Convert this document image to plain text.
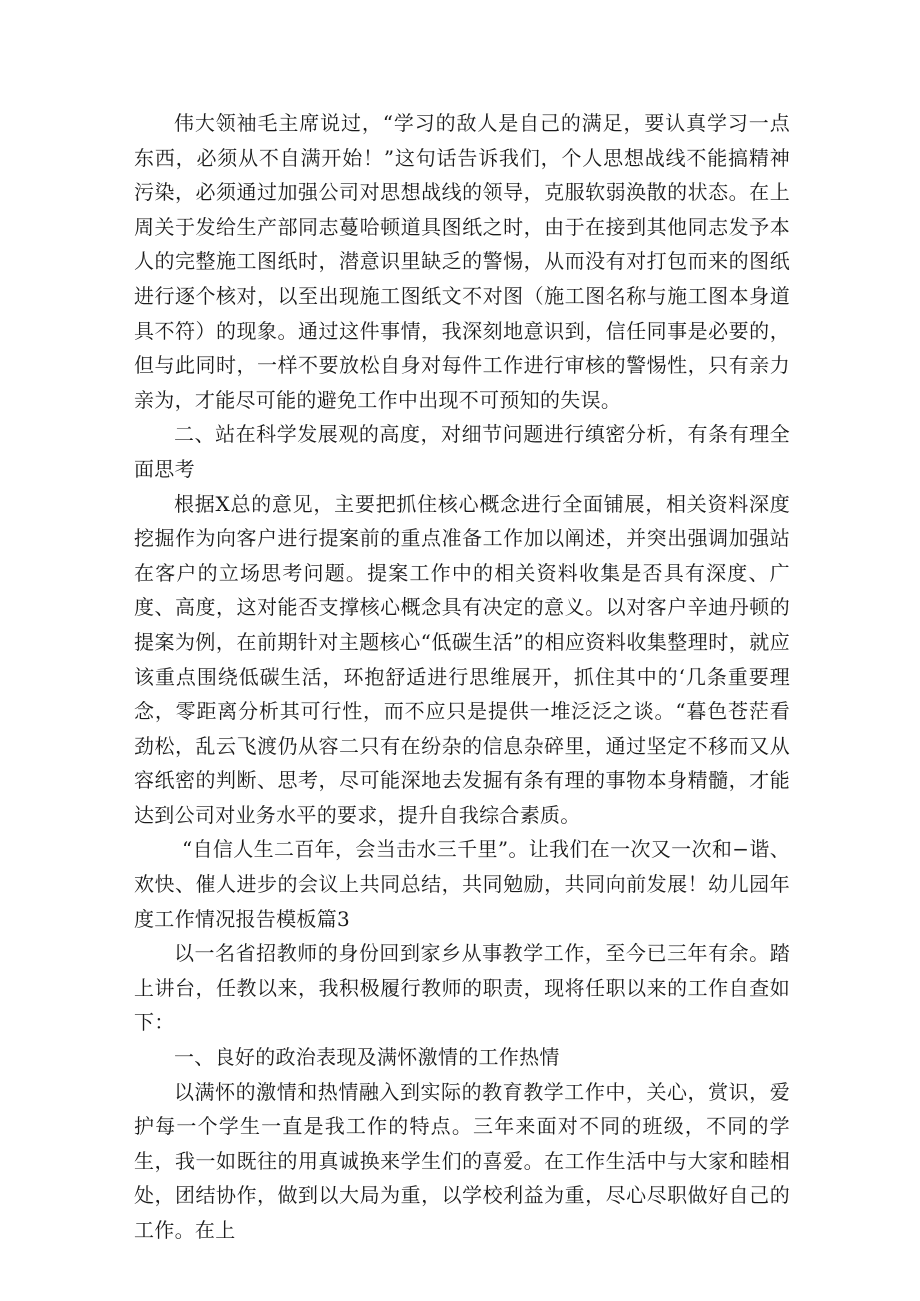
伟大领袖毛主席说过，“学习的敌人是自己的满足，要认真学习一点东西，必须从不自满开始！”这句话告诉我们，个人思想战线不能搞精神污染，必须通过加强公司对思想战线的领导，克服软弱涣散的状态。在上周关于发给生产部同志蔓哈顿道具图纸之时，由于在接到其他同志发予本人的完整施工图纸时，潜意识里缺乏的警惕，从而没有对打包而来的图纸进行逐个核对，以至出现施工图纸文不对图（施工图名称与施工图本身道具不符）的现象。通过这件事情，我深刻地意识到，信任同事是必要的，但与此同时，一样不要放松自身对每件工作进行审核的警惕性，只有亲力亲为，才能尽可能的避免工作中出现不可预知的失误。

二、站在科学发展观的高度，对细节问题进行缜密分析，有条有理全面思考

根据X总的意见，主要把抓住核心概念进行全面铺展，相关资料深度挖掘作为向客户进行提案前的重点准备工作加以阐述，并突出强调加强站在客户的立场思考问题。提案工作中的相关资料收集是否具有深度、广度、高度，这对能否支撑核心概念具有决定的意义。以对客户辛迪丹顿的提案为例，在前期针对主题核心“低碳生活”的相应资料收集整理时，就应该重点围绕低碳生活，环抱舒适进行思维展开，抓住其中的‘几条重要理念，零距离分析其可行性，而不应只是提供一堆泛泛之谈。“暮色苍茫看劲松，乱云飞渡仍从容二只有在纷杂的信息杂碎里，通过坚定不移而又从容纸密的判断、思考，尽可能深地去发掘有条有理的事物本身精髓，才能达到公司对业务水平的要求，提升自我综合素质。

“自信人生二百年，会当击水三千里”。让我们在一次又一次和−谐、欢快、催人进步的会议上共同总结，共同勉励，共同向前发展！幼儿园年度工作情况报告模板篇3

以一名省招教师的身份回到家乡从事教学工作，至今已三年有余。踏上讲台，任教以来，我积极履行教师的职责，现将任职以来的工作自查如下：

一、良好的政治表现及满怀激情的工作热情

以满怀的激情和热情融入到实际的教育教学工作中，关心，赏识，爱护每一个学生一直是我工作的特点。三年来面对不同的班级，不同的学生，我一如既往的用真诚换来学生们的喜爱。在工作生活中与大家和睦相处，团结协作，做到以大局为重，以学校利益为重，尽心尽职做好自己的工作。在上
